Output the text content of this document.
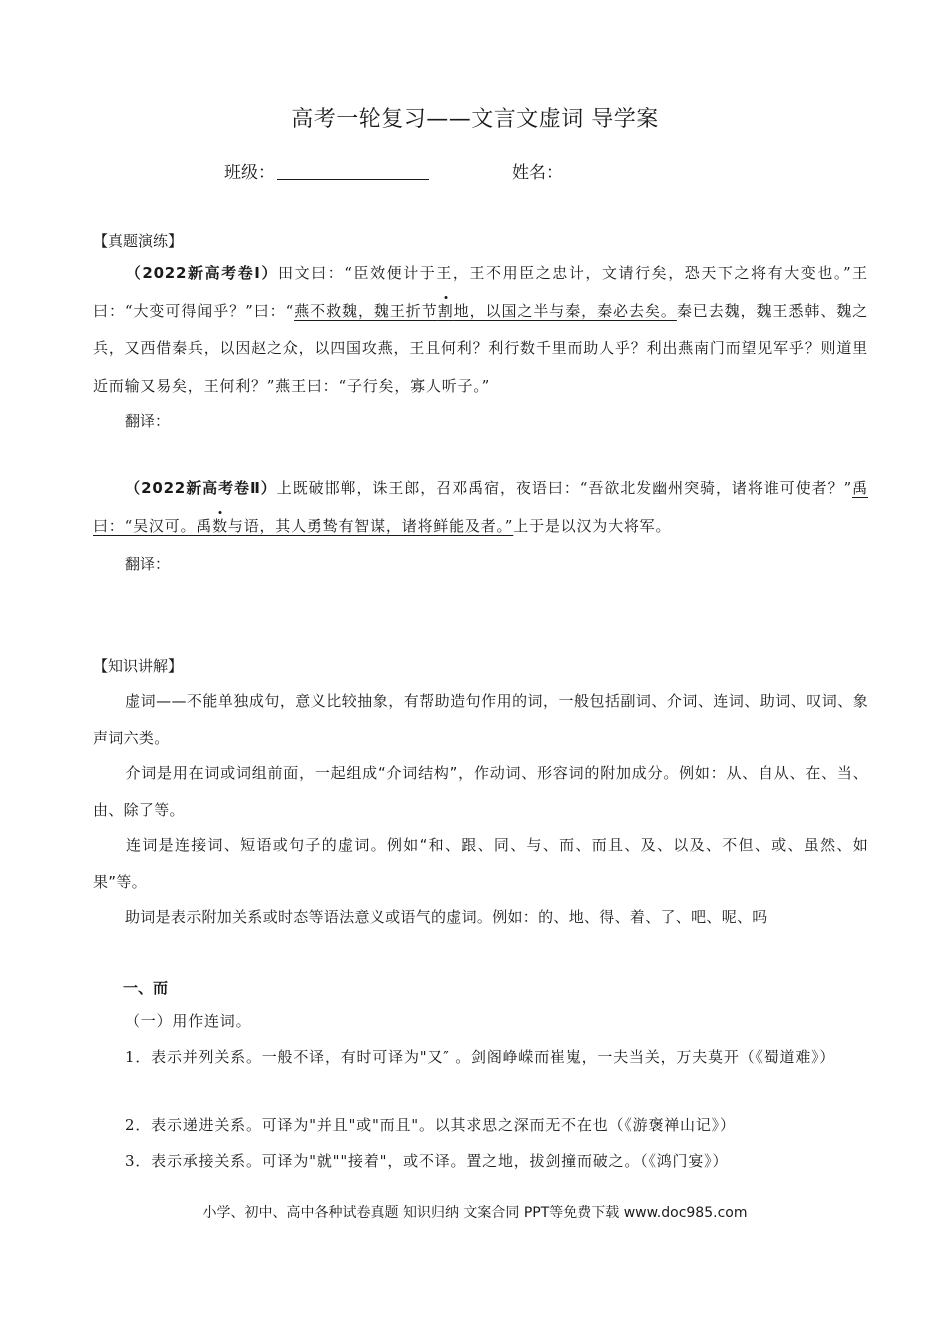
高考一轮复习——文言文虚词 导学案
班级：	姓名：
【真题演练】
（2022新高考卷Ⅰ）田文曰：“臣效便计于王，王不用臣之忠计，文请行矣，恐天下之将有大变也。”王曰：“大变可得闻乎？”曰：“燕不救魏，魏王折节割地，以国之半与秦，秦必去矣。秦已去魏，魏王悉韩、魏之兵，又西借秦兵，以因赵之众，以四国攻燕，王且何利？利行数千里而助人乎？利出燕南门而望见军乎？则道里近而输又易矣，王何利？”燕王曰：“子行矣，寡人听子。”
翻译：
（2022新高考卷Ⅱ）上既破邯郸，诛王郎，召邓禹宿，夜语曰：“吾欲北发幽州突骑，诸将谁可使者？”禹曰：“吴汉可。禹数与语，其人勇鸷有智谋，诸将鲜能及者。”上于是以汉为大将军。
翻译：
【知识讲解】
虚词——不能单独成句，意义比较抽象，有帮助造句作用的词，一般包括副词、介词、连词、助词、叹词、象声词六类。
介词是用在词或词组前面，一起组成“介词结构”，作动词、形容词的附加成分。例如：从、自从、在、当、由、除了等。
连词是连接词、短语或句子的虚词。例如“和、跟、同、与、而、而且、及、以及、不但、或、虽然、如果”等。
助词是表示附加关系或时态等语法意义或语气的虚词。例如：的、地、得、着、了、吧、呢、吗
一、而
（一）用作连词。
1．表示并列关系。一般不译，有时可译为"又″ 。剑阁峥嵘而崔嵬，一夫当关，万夫莫开（《蜀道难》）
2．表示递进关系。可译为"并且"或"而且"。以其求思之深而无不在也（《游褒禅山记》）
3．表示承接关系。可译为"就""接着"，或不译。置之地，拔剑撞而破之。（《鸿门宴》）
小学、初中、高中各种试卷真题 知识归纳 文案合同 PPT等免费下载 www.doc985.com
